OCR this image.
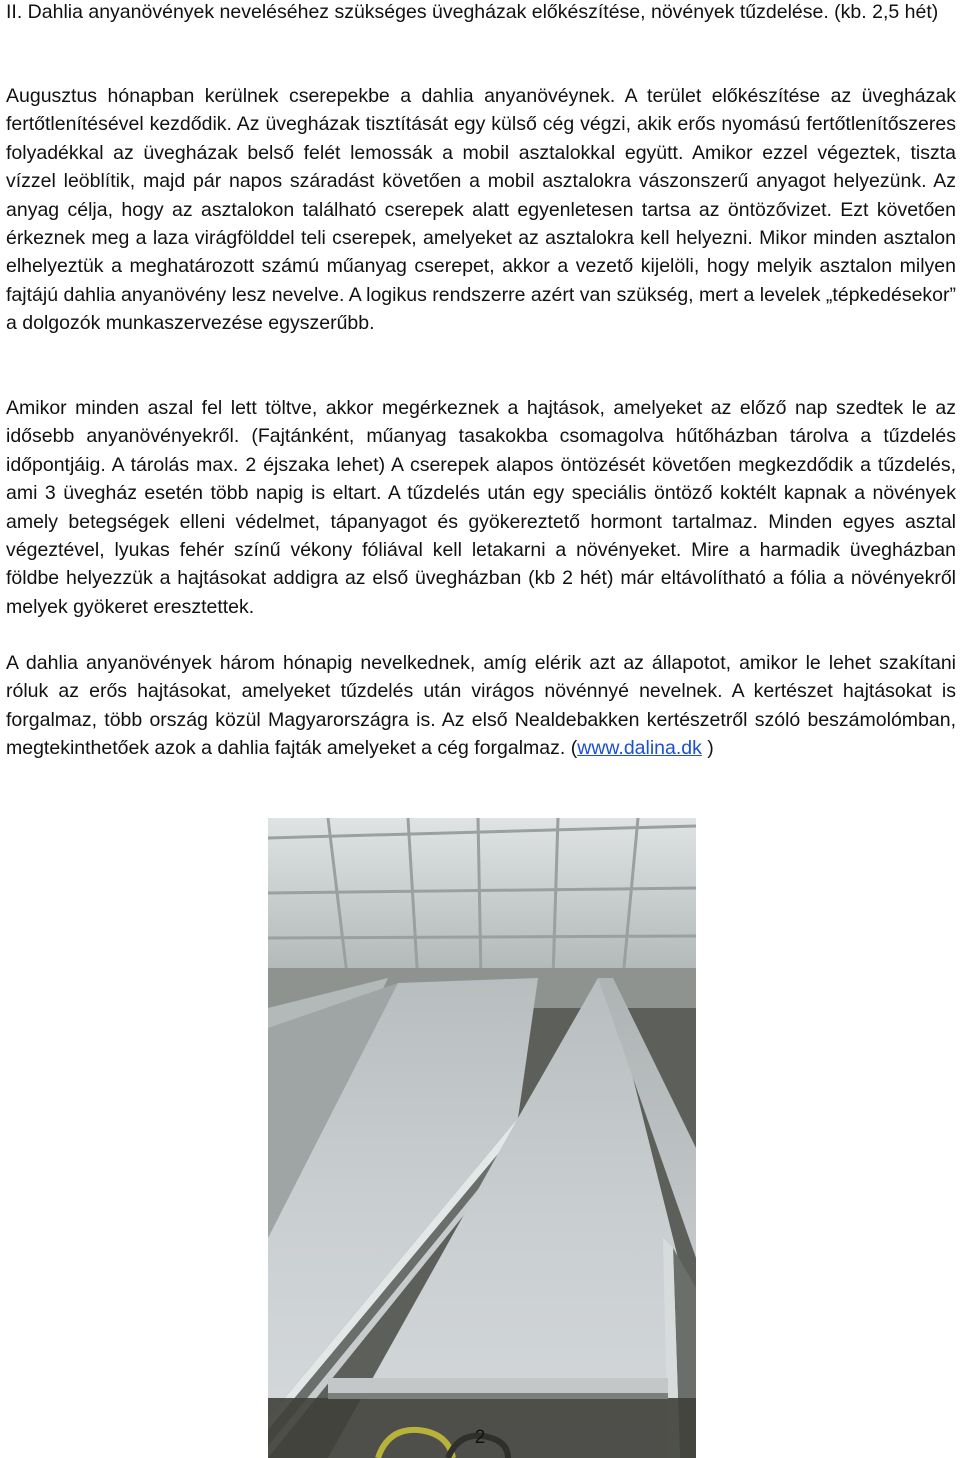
II. Dahlia anyanövények neveléséhez szükséges üvegházak előkészítése, növények tűzdelése. (kb. 2,5 hét)

Augusztus hónapban kerülnek cserepekbe a dahlia anyanövéynek. A terület előkészítése az üvegházak fertőtlenítésével kezdődik. Az üvegházak tisztítását egy külső cég végzi, akik erős nyomású fertőtlenítőszeres folyadékkal az üvegházak belső felét lemossák a mobil asztalokkal együtt. Amikor ezzel végeztek, tiszta vízzel leöblítik, majd pár napos száradást követően a mobil asztalokra vászonszerű anyagot helyezünk. Az anyag célja, hogy az asztalokon található cserepek alatt egyenletesen tartsa az öntözővizet. Ezt követően érkeznek meg a laza virágfölddel teli cserepek, amelyeket az asztalokra kell helyezni. Mikor minden asztalon elhelyeztük a meghatározott számú műanyag cserepet, akkor a vezető kijelöli, hogy melyik asztalon milyen fajtájú dahlia anyanövény lesz nevelve. A logikus rendszerre azért van szükség, mert a levelek „tépkedésekor” a dolgozók munkaszervezése egyszerűbb.

Amikor minden aszal fel lett töltve, akkor megérkeznek a hajtások, amelyeket az előző nap szedtek le az idősebb anyanövényekről. (Fajtánként, műanyag tasakokba csomagolva hűtőházban tárolva a tűzdelés időpontjáig. A tárolás max. 2 éjszaka lehet) A cserepek alapos öntözését követően megkezdődik a tűzdelés, ami 3 üvegház esetén több napig is eltart. A tűzdelés után egy speciális öntöző koktélt kapnak a növények amely betegségek elleni védelmet, tápanyagot és gyökereztető hormont tartalmaz. Minden egyes asztal végeztével, lyukas fehér színű vékony fóliával kell letakarni a növényeket. Mire a harmadik üvegházban földbe helyezzük a hajtásokat addigra az első üvegházban (kb 2 hét) már eltávolítható a fólia a növényekről melyek gyökeret eresztettek.

A dahlia anyanövények három hónapig nevelkednek, amíg elérik azt az állapotot, amikor le lehet szakítani róluk az erős hajtásokat, amelyeket tűzdelés után virágos növénnyé nevelnek. A kertészet hajtásokat is forgalmaz, több ország közül Magyarországra is. Az első Nealdebakken kertészetről szóló beszámolómban, megtekinthetőek azok a dahlia fajták amelyeket a cég forgalmaz. (www.dalina.dk )

2
